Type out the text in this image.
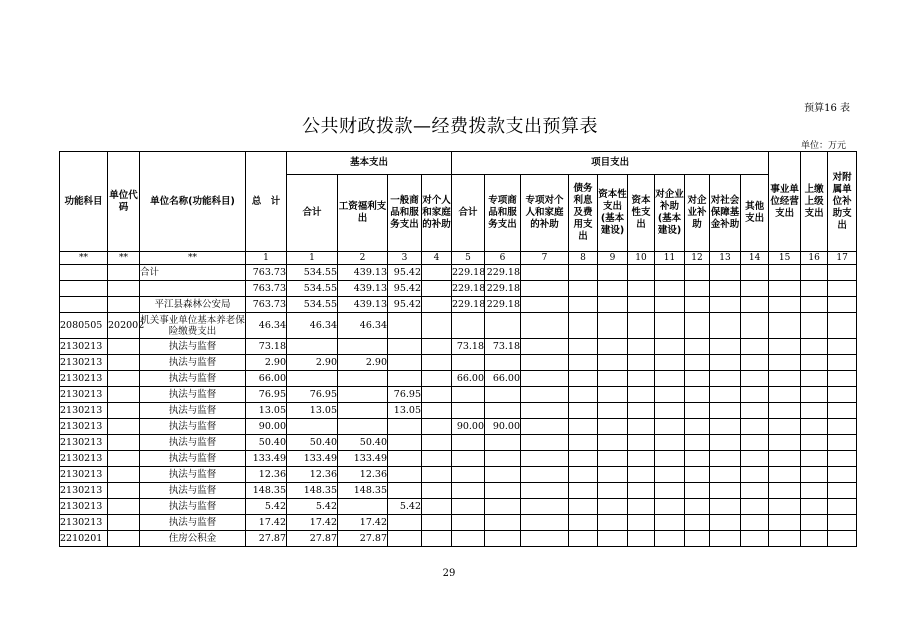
预算16 表
公共财政拨款—经费拨款支出预算表
单位：万元
功能科目	单位代码	单位名称(功能科目)	总　计	基本支出				项目支出										事业单位经营支出	上缴上级支出	对附属单位补助支出
				合计	工资福利支出	一般商品和服务支出	对个人和家庭的补助	合计	专项商品和服务支出	专项对个人和家庭的补助	债务利息及费用支出	资本性支出(基本建设)	资本性支出	对企业补助(基本建设)	对企业补助	对社会保障基金补助	其他支出			
**	**	**	1	1	2	3	4	5	6	7	8	9	10	11	12	13	14	15	16	17
		合计	763.73	534.55	439.13	95.42		229.18	229.18											
			763.73	534.55	439.13	95.42		229.18	229.18											
		平江县森林公安局	763.73	534.55	439.13	95.42		229.18	229.18											
2080505	202002	机关事业单位基本养老保险缴费支出	46.34	46.34	46.34															
2130213		执法与监督	73.18					73.18	73.18											
2130213		执法与监督	2.90	2.90	2.90															
2130213		执法与监督	66.00					66.00	66.00											
2130213		执法与监督	76.95	76.95		76.95														
2130213		执法与监督	13.05	13.05		13.05														
2130213		执法与监督	90.00					90.00	90.00											
2130213		执法与监督	50.40	50.40	50.40															
2130213		执法与监督	133.49	133.49	133.49															
2130213		执法与监督	12.36	12.36	12.36															
2130213		执法与监督	148.35	148.35	148.35															
2130213		执法与监督	5.42	5.42		5.42														
2130213		执法与监督	17.42	17.42	17.42															
2210201		住房公积金	27.87	27.87	27.87															
29
